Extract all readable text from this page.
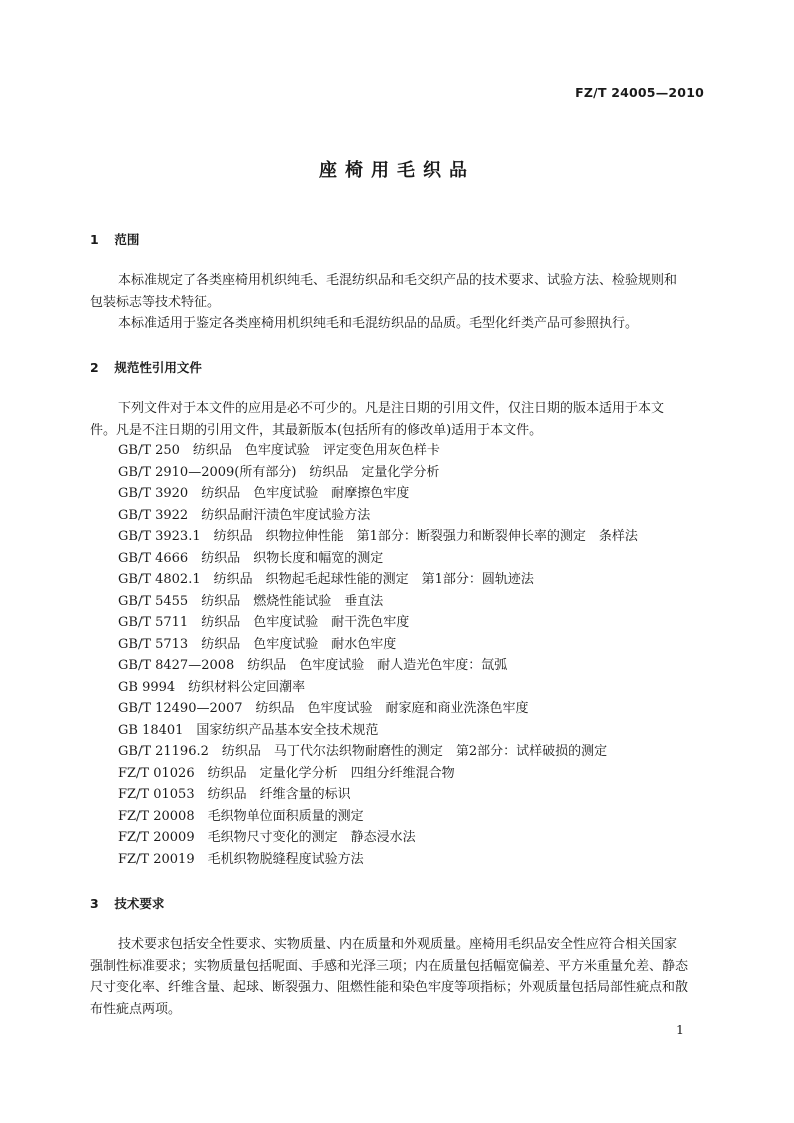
FZ/T 24005—2010
座椅用毛织品
1 范围
本标准规定了各类座椅用机织纯毛、毛混纺织品和毛交织产品的技术要求、试验方法、检验规则和
包装标志等技术特征。
本标准适用于鉴定各类座椅用机织纯毛和毛混纺织品的品质。毛型化纤类产品可参照执行。
2 规范性引用文件
下列文件对于本文件的应用是必不可少的。凡是注日期的引用文件，仅注日期的版本适用于本文
件。凡是不注日期的引用文件，其最新版本(包括所有的修改单)适用于本文件。
GB/T 250　纺织品　色牢度试验　评定变色用灰色样卡
GB/T 2910—2009(所有部分)　纺织品　定量化学分析
GB/T 3920　纺织品　色牢度试验　耐摩擦色牢度
GB/T 3922　纺织品耐汗渍色牢度试验方法
GB/T 3923.1　纺织品　织物拉伸性能　第1部分：断裂强力和断裂伸长率的测定　条样法
GB/T 4666　纺织品　织物长度和幅宽的测定
GB/T 4802.1　纺织品　织物起毛起球性能的测定　第1部分：圆轨迹法
GB/T 5455　纺织品　燃烧性能试验　垂直法
GB/T 5711　纺织品　色牢度试验　耐干洗色牢度
GB/T 5713　纺织品　色牢度试验　耐水色牢度
GB/T 8427—2008　纺织品　色牢度试验　耐人造光色牢度：氙弧
GB 9994　纺织材料公定回潮率
GB/T 12490—2007　纺织品　色牢度试验　耐家庭和商业洗涤色牢度
GB 18401　国家纺织产品基本安全技术规范
GB/T 21196.2　纺织品　马丁代尔法织物耐磨性的测定　第2部分：试样破损的测定
FZ/T 01026　纺织品　定量化学分析　四组分纤维混合物
FZ/T 01053　纺织品　纤维含量的标识
FZ/T 20008　毛织物单位面积质量的测定
FZ/T 20009　毛织物尺寸变化的测定　静态浸水法
FZ/T 20019　毛机织物脱缝程度试验方法
3 技术要求
技术要求包括安全性要求、实物质量、内在质量和外观质量。座椅用毛织品安全性应符合相关国家
强制性标准要求；实物质量包括呢面、手感和光泽三项；内在质量包括幅宽偏差、平方米重量允差、静态
尺寸变化率、纤维含量、起球、断裂强力、阻燃性能和染色牢度等项指标；外观质量包括局部性疵点和散
布性疵点两项。
1
